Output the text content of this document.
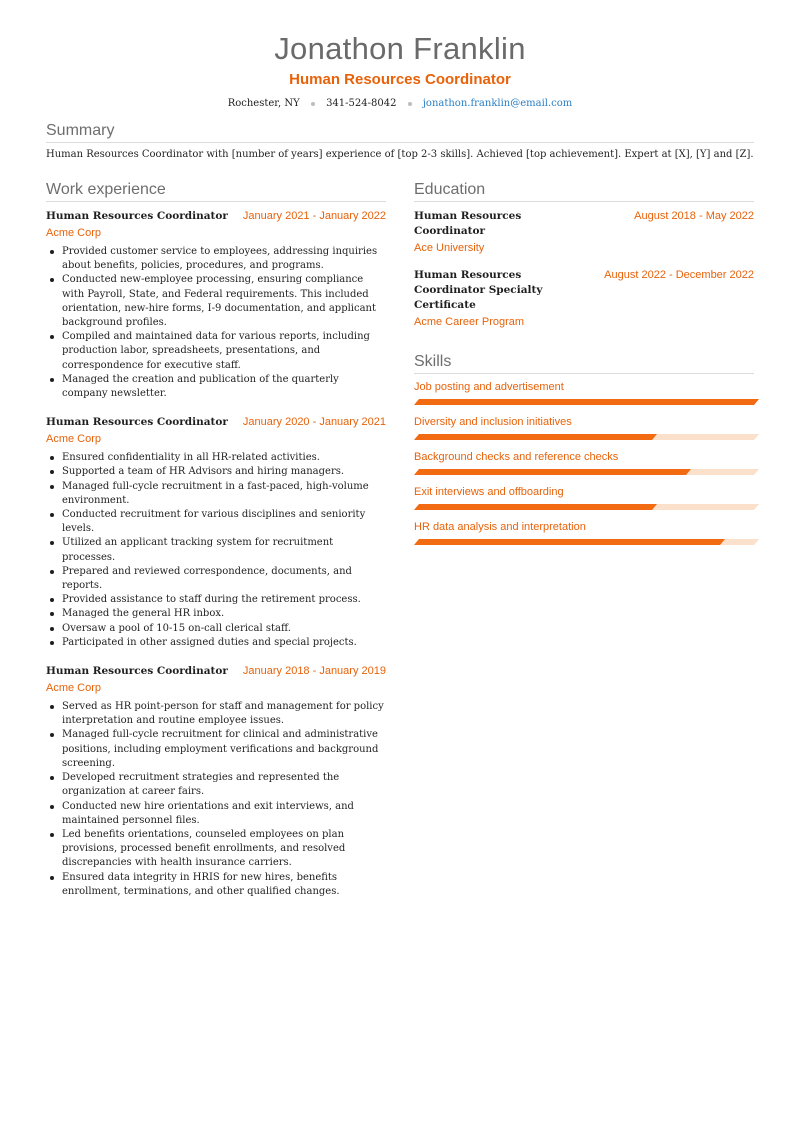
Jonathon Franklin
Human Resources Coordinator
Rochester, NY	341-524-8042	jonathon.franklin@email.com
Summary
Human Resources Coordinator with [number of years] experience of [top 2-3 skills]. Achieved [top achievement]. Expert at [X], [Y] and [Z].
Work experience
Human Resources Coordinator January 2021 - January 2022
Acme Corp
Provided customer service to employees, addressing inquiries about benefits, policies, procedures, and programs.
Conducted new-employee processing, ensuring compliance with Payroll, State, and Federal requirements. This included orientation, new-hire forms, I-9 documentation, and applicant background profiles.
Compiled and maintained data for various reports, including production labor, spreadsheets, presentations, and correspondence for executive staff.
Managed the creation and publication of the quarterly company newsletter.
Human Resources Coordinator January 2020 - January 2021
Acme Corp
Ensured confidentiality in all HR-related activities.
Supported a team of HR Advisors and hiring managers.
Managed full-cycle recruitment in a fast-paced, high-volume environment.
Conducted recruitment for various disciplines and seniority levels.
Utilized an applicant tracking system for recruitment processes.
Prepared and reviewed correspondence, documents, and reports.
Provided assistance to staff during the retirement process.
Managed the general HR inbox.
Oversaw a pool of 10-15 on-call clerical staff.
Participated in other assigned duties and special projects.
Human Resources Coordinator January 2018 - January 2019
Acme Corp
Served as HR point-person for staff and management for policy interpretation and routine employee issues.
Managed full-cycle recruitment for clinical and administrative positions, including employment verifications and background screening.
Developed recruitment strategies and represented the organization at career fairs.
Conducted new hire orientations and exit interviews, and maintained personnel files.
Led benefits orientations, counseled employees on plan provisions, processed benefit enrollments, and resolved discrepancies with health insurance carriers.
Ensured data integrity in HRIS for new hires, benefits enrollment, terminations, and other qualified changes.
Education
Human Resources Coordinator
August 2018 - May 2022
Ace University
Human Resources Coordinator Specialty Certificate
August 2022 - December 2022
Acme Career Program
Skills
Job posting and advertisement
Diversity and inclusion initiatives
Background checks and reference checks
Exit interviews and offboarding
HR data analysis and interpretation
